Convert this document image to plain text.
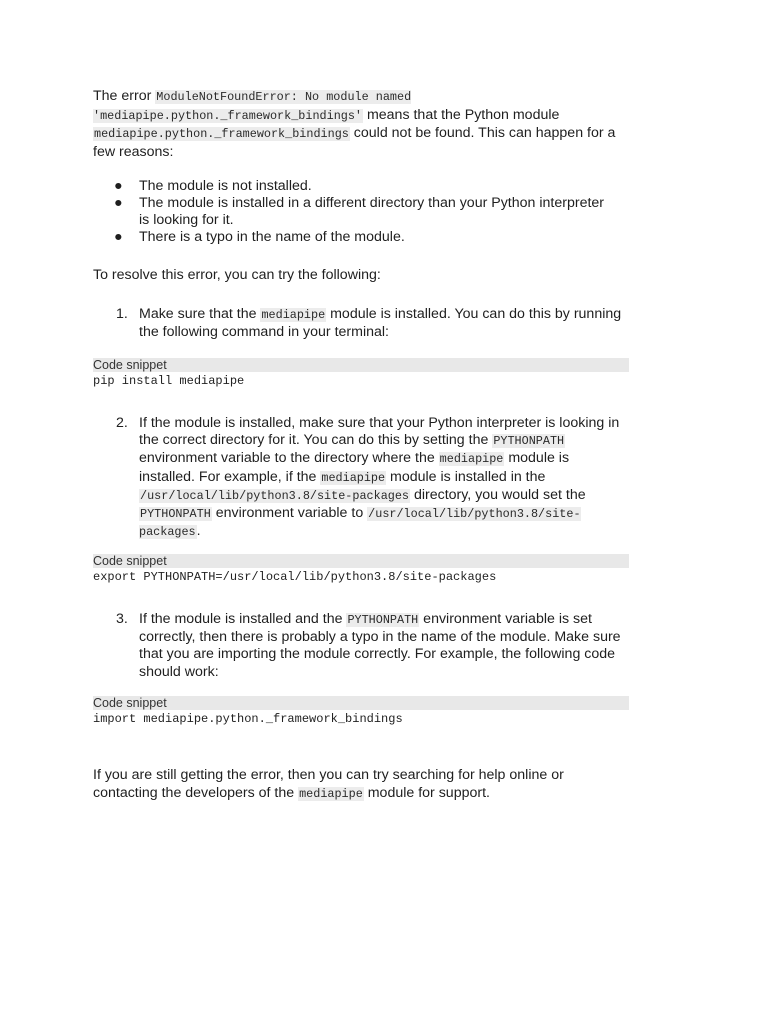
The error ModuleNotFoundError: No module named 'mediapipe.python._framework_bindings' means that the Python module mediapipe.python._framework_bindings could not be found. This can happen for a few reasons:

● The module is not installed.
● The module is installed in a different directory than your Python interpreter is looking for it.
● There is a typo in the name of the module.

To resolve this error, you can try the following:

1. Make sure that the mediapipe module is installed. You can do this by running the following command in your terminal:
Code snippet
pip install mediapipe
2. If the module is installed, make sure that your Python interpreter is looking in the correct directory for it. You can do this by setting the PYTHONPATH environment variable to the directory where the mediapipe module is installed. For example, if the mediapipe module is installed in the /usr/local/lib/python3.8/site-packages directory, you would set the PYTHONPATH environment variable to /usr/local/lib/python3.8/site-packages.
Code snippet
export PYTHONPATH=/usr/local/lib/python3.8/site-packages
3. If the module is installed and the PYTHONPATH environment variable is set correctly, then there is probably a typo in the name of the module. Make sure that you are importing the module correctly. For example, the following code should work:
Code snippet
import mediapipe.python._framework_bindings

If you are still getting the error, then you can try searching for help online or contacting the developers of the mediapipe module for support.
